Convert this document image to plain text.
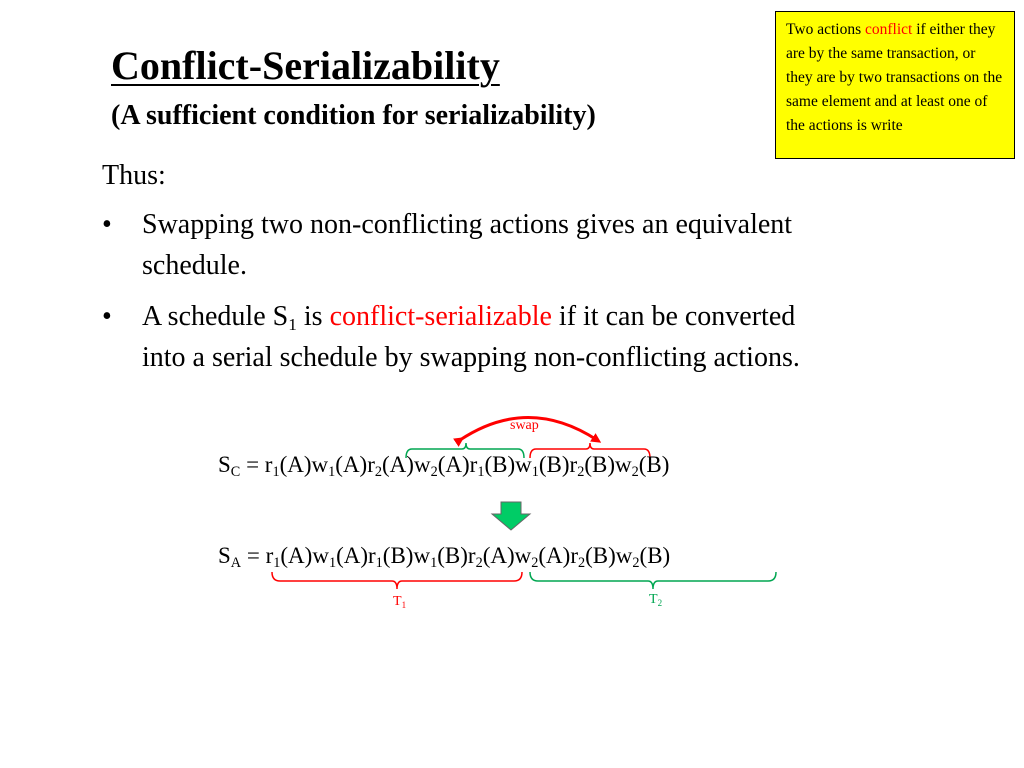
Conflict-Serializability
(A sufficient condition for serializability)
Two actions conflict if either they are by the same transaction, or they are by two transactions on the same element and at least one of the actions is write
Thus:
• Swapping two non-conflicting actions gives an equivalent schedule.
• A schedule $S_1$ is conflict-serializable if it can be converted into a serial schedule by swapping non-conflicting actions.
swap
$S_C = r_1(A)w_1(A)r_2(A)w_2(A)r_1(B)w_1(B)r_2(B)w_2(B)$
$S_A = r_1(A)w_1(A)r_1(B)w_1(B)r_2(A)w_2(A)r_2(B)w_2(B)$
$T_1$	$T_2$
